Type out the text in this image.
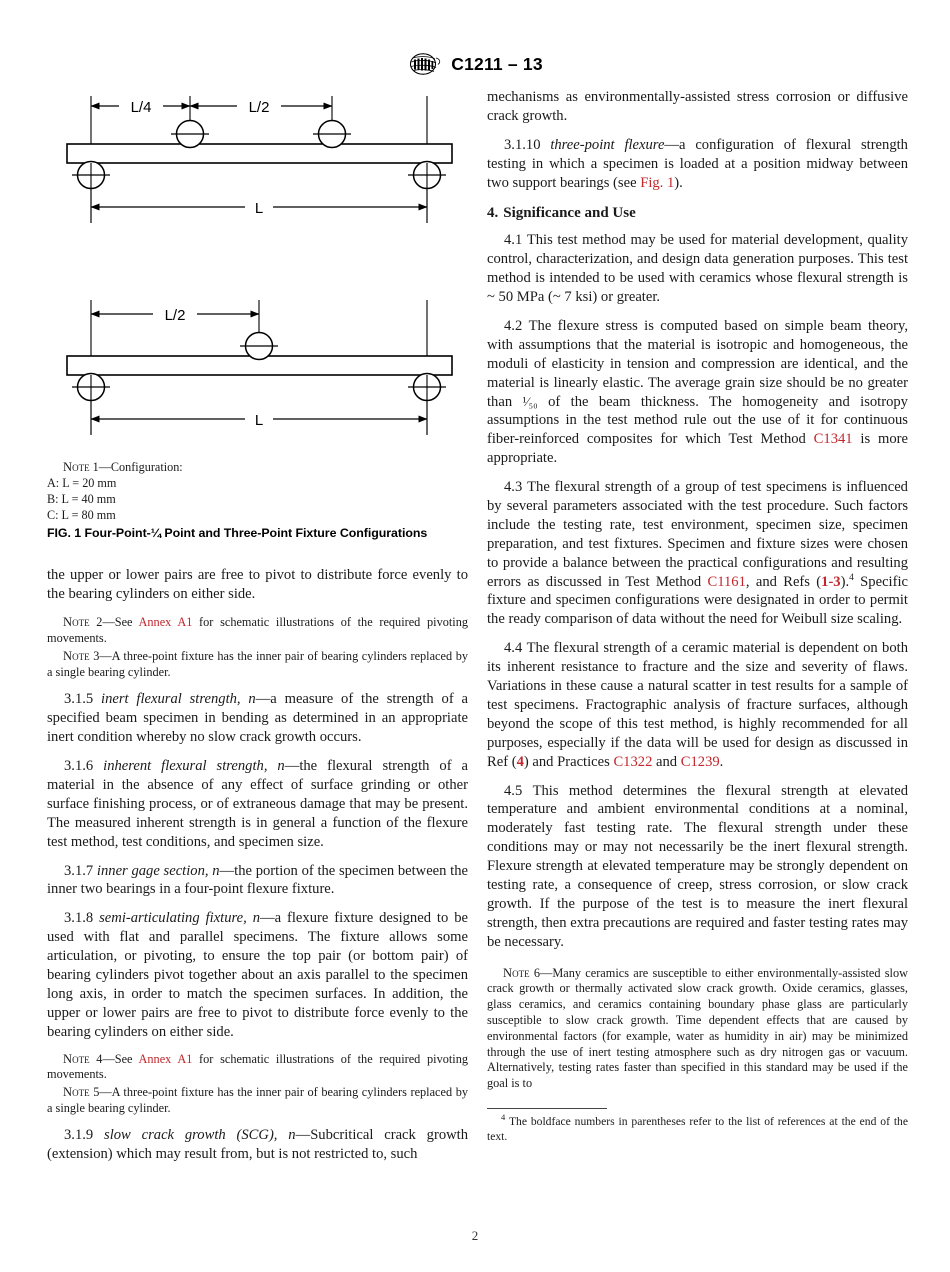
C1211 – 13
L/4	L/2
L
L/2
L
Note 1—Configuration:
A: L = 20 mm
B: L = 40 mm
C: L = 80 mm
FIG. 1 Four-Point-¼ Point and Three-Point Fixture Configurations

the upper or lower pairs are free to pivot to distribute force evenly to the bearing cylinders on either side.

Note 2—See Annex A1 for schematic illustrations of the required pivoting movements.

Note 3—A three-point fixture has the inner pair of bearing cylinders replaced by a single bearing cylinder.

3.1.5 inert flexural strength, n—a measure of the strength of a specified beam specimen in bending as determined in an appropriate inert condition whereby no slow crack growth occurs.

3.1.6 inherent flexural strength, n—the flexural strength of a material in the absence of any effect of surface grinding or other surface finishing process, or of extraneous damage that may be present. The measured inherent strength is in general a function of the flexure test method, test conditions, and specimen size.

3.1.7 inner gage section, n—the portion of the specimen between the inner two bearings in a four-point flexure fixture.

3.1.8 semi-articulating fixture, n—a flexure fixture designed to be used with flat and parallel specimens. The fixture allows some articulation, or pivoting, to ensure the top pair (or bottom pair) of bearing cylinders pivot together about an axis parallel to the specimen long axis, in order to match the specimen surfaces. In addition, the upper or lower pairs are free to pivot to distribute force evenly to the bearing cylinders on either side.

Note 4—See Annex A1 for schematic illustrations of the required pivoting movements.

Note 5—A three-point fixture has the inner pair of bearing cylinders replaced by a single bearing cylinder.

3.1.9 slow crack growth (SCG), n—Subcritical crack growth (extension) which may result from, but is not restricted to, such

mechanisms as environmentally-assisted stress corrosion or diffusive crack growth.

3.1.10 three-point flexure—a configuration of flexural strength testing in which a specimen is loaded at a position midway between two support bearings (see Fig. 1).

4. Significance and Use

4.1 This test method may be used for material development, quality control, characterization, and design data generation purposes. This test method is intended to be used with ceramics whose flexural strength is ~ 50 MPa (~ 7 ksi) or greater.

4.2 The flexure stress is computed based on simple beam theory, with assumptions that the material is isotropic and homogeneous, the moduli of elasticity in tension and compression are identical, and the material is linearly elastic. The average grain size should be no greater than ¹⁄₅₀ of the beam thickness. The homogeneity and isotropy assumptions in the test method rule out the use of it for continuous fiber-reinforced composites for which Test Method C1341 is more appropriate.

4.3 The flexural strength of a group of test specimens is influenced by several parameters associated with the test procedure. Such factors include the testing rate, test environment, specimen size, specimen preparation, and test fixtures. Specimen and fixture sizes were chosen to provide a balance between the practical configurations and resulting errors as discussed in Test Method C1161, and Refs (1-3).$^4$ Specific fixture and specimen configurations were designated in order to permit the ready comparison of data without the need for Weibull size scaling.

4.4 The flexural strength of a ceramic material is dependent on both its inherent resistance to fracture and the size and severity of flaws. Variations in these cause a natural scatter in test results for a sample of test specimens. Fractographic analysis of fracture surfaces, although beyond the scope of this test method, is highly recommended for all purposes, especially if the data will be used for design as discussed in Ref (4) and Practices C1322 and C1239.

4.5 This method determines the flexural strength at elevated temperature and ambient environmental conditions at a nominal, moderately fast testing rate. The flexural strength under these conditions may or may not necessarily be the inert flexural strength. Flexure strength at elevated temperature may be strongly dependent on testing rate, a consequence of creep, stress corrosion, or slow crack growth. If the purpose of the test is to measure the inert flexural strength, then extra precautions are required and faster testing rates may be necessary.

Note 6—Many ceramics are susceptible to either environmentally-assisted slow crack growth or thermally activated slow crack growth. Oxide ceramics, glasses, glass ceramics, and ceramics containing boundary phase glass are particularly susceptible to slow crack growth. Time dependent effects that are caused by environmental factors (for example, water as humidity in air) may be minimized through the use of inert testing atmosphere such as dry nitrogen gas or vacuum. Alternatively, testing rates faster than specified in this standard may be used if the goal is to

$^4$ The boldface numbers in parentheses refer to the list of references at the end of the text.

2
